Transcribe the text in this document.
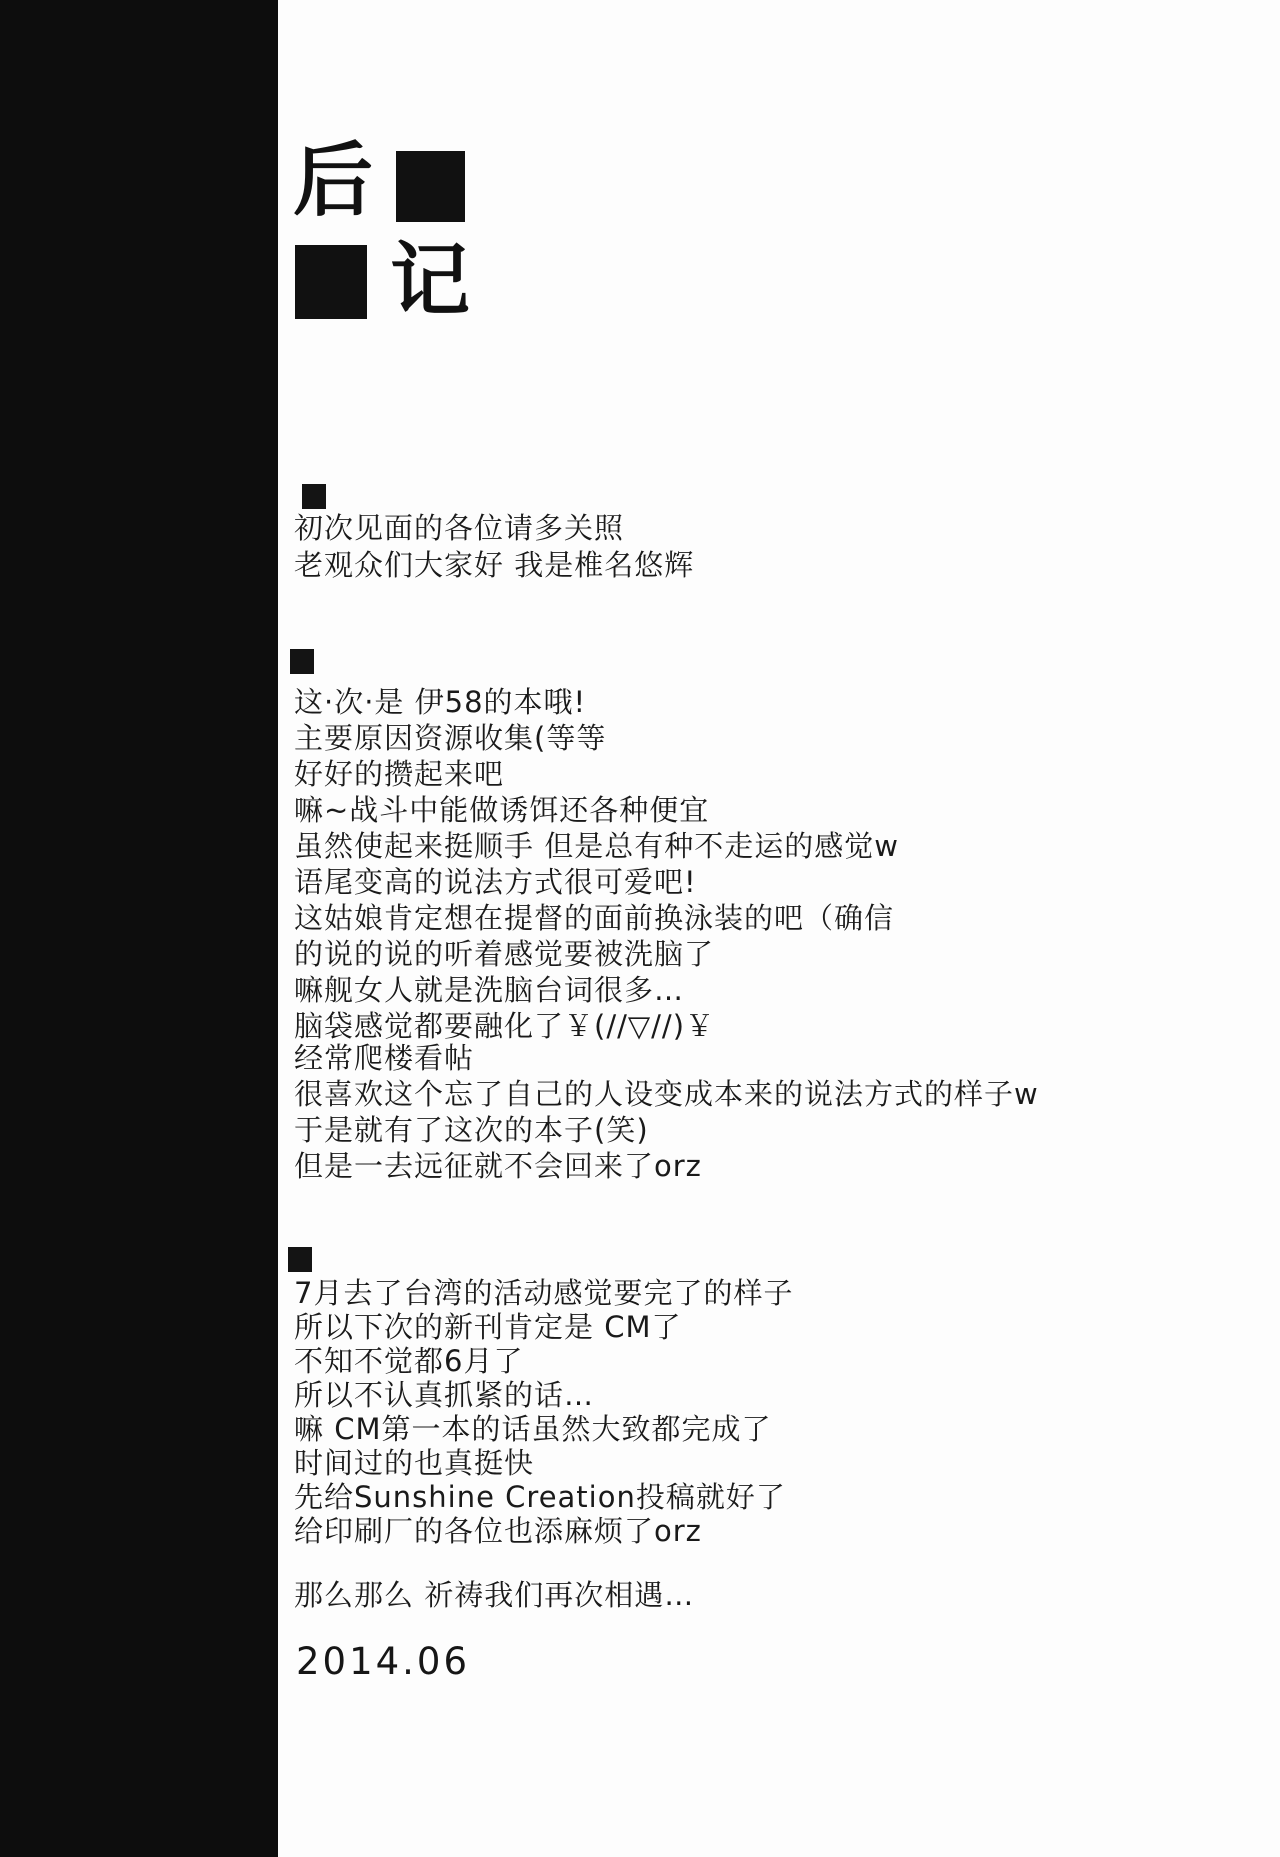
后
记
初次见面的各位请多关照
老观众们大家好 我是椎名悠辉
这·次·是 伊58的本哦!
主要原因资源收集(等等
好好的攒起来吧
嘛~战斗中能做诱饵还各种便宜
虽然使起来挺顺手 但是总有种不走运的感觉w
语尾变高的说法方式很可爱吧!
这姑娘肯定想在提督的面前换泳装的吧（确信
的说的说的听着感觉要被洗脑了
嘛舰女人就是洗脑台词很多…
脑袋感觉都要融化了￥(//▽//)￥
经常爬楼看帖
很喜欢这个忘了自己的人设变成本来的说法方式的样子w
于是就有了这次的本子(笑)
但是一去远征就不会回来了orz
7月去了台湾的活动感觉要完了的样子
所以下次的新刊肯定是 CM了
不知不觉都6月了
所以不认真抓紧的话…
嘛 CM第一本的话虽然大致都完成了
时间过的也真挺快
先给Sunshine Creation投稿就好了
给印刷厂的各位也添麻烦了orz
那么那么 祈祷我们再次相遇…
2014.06
